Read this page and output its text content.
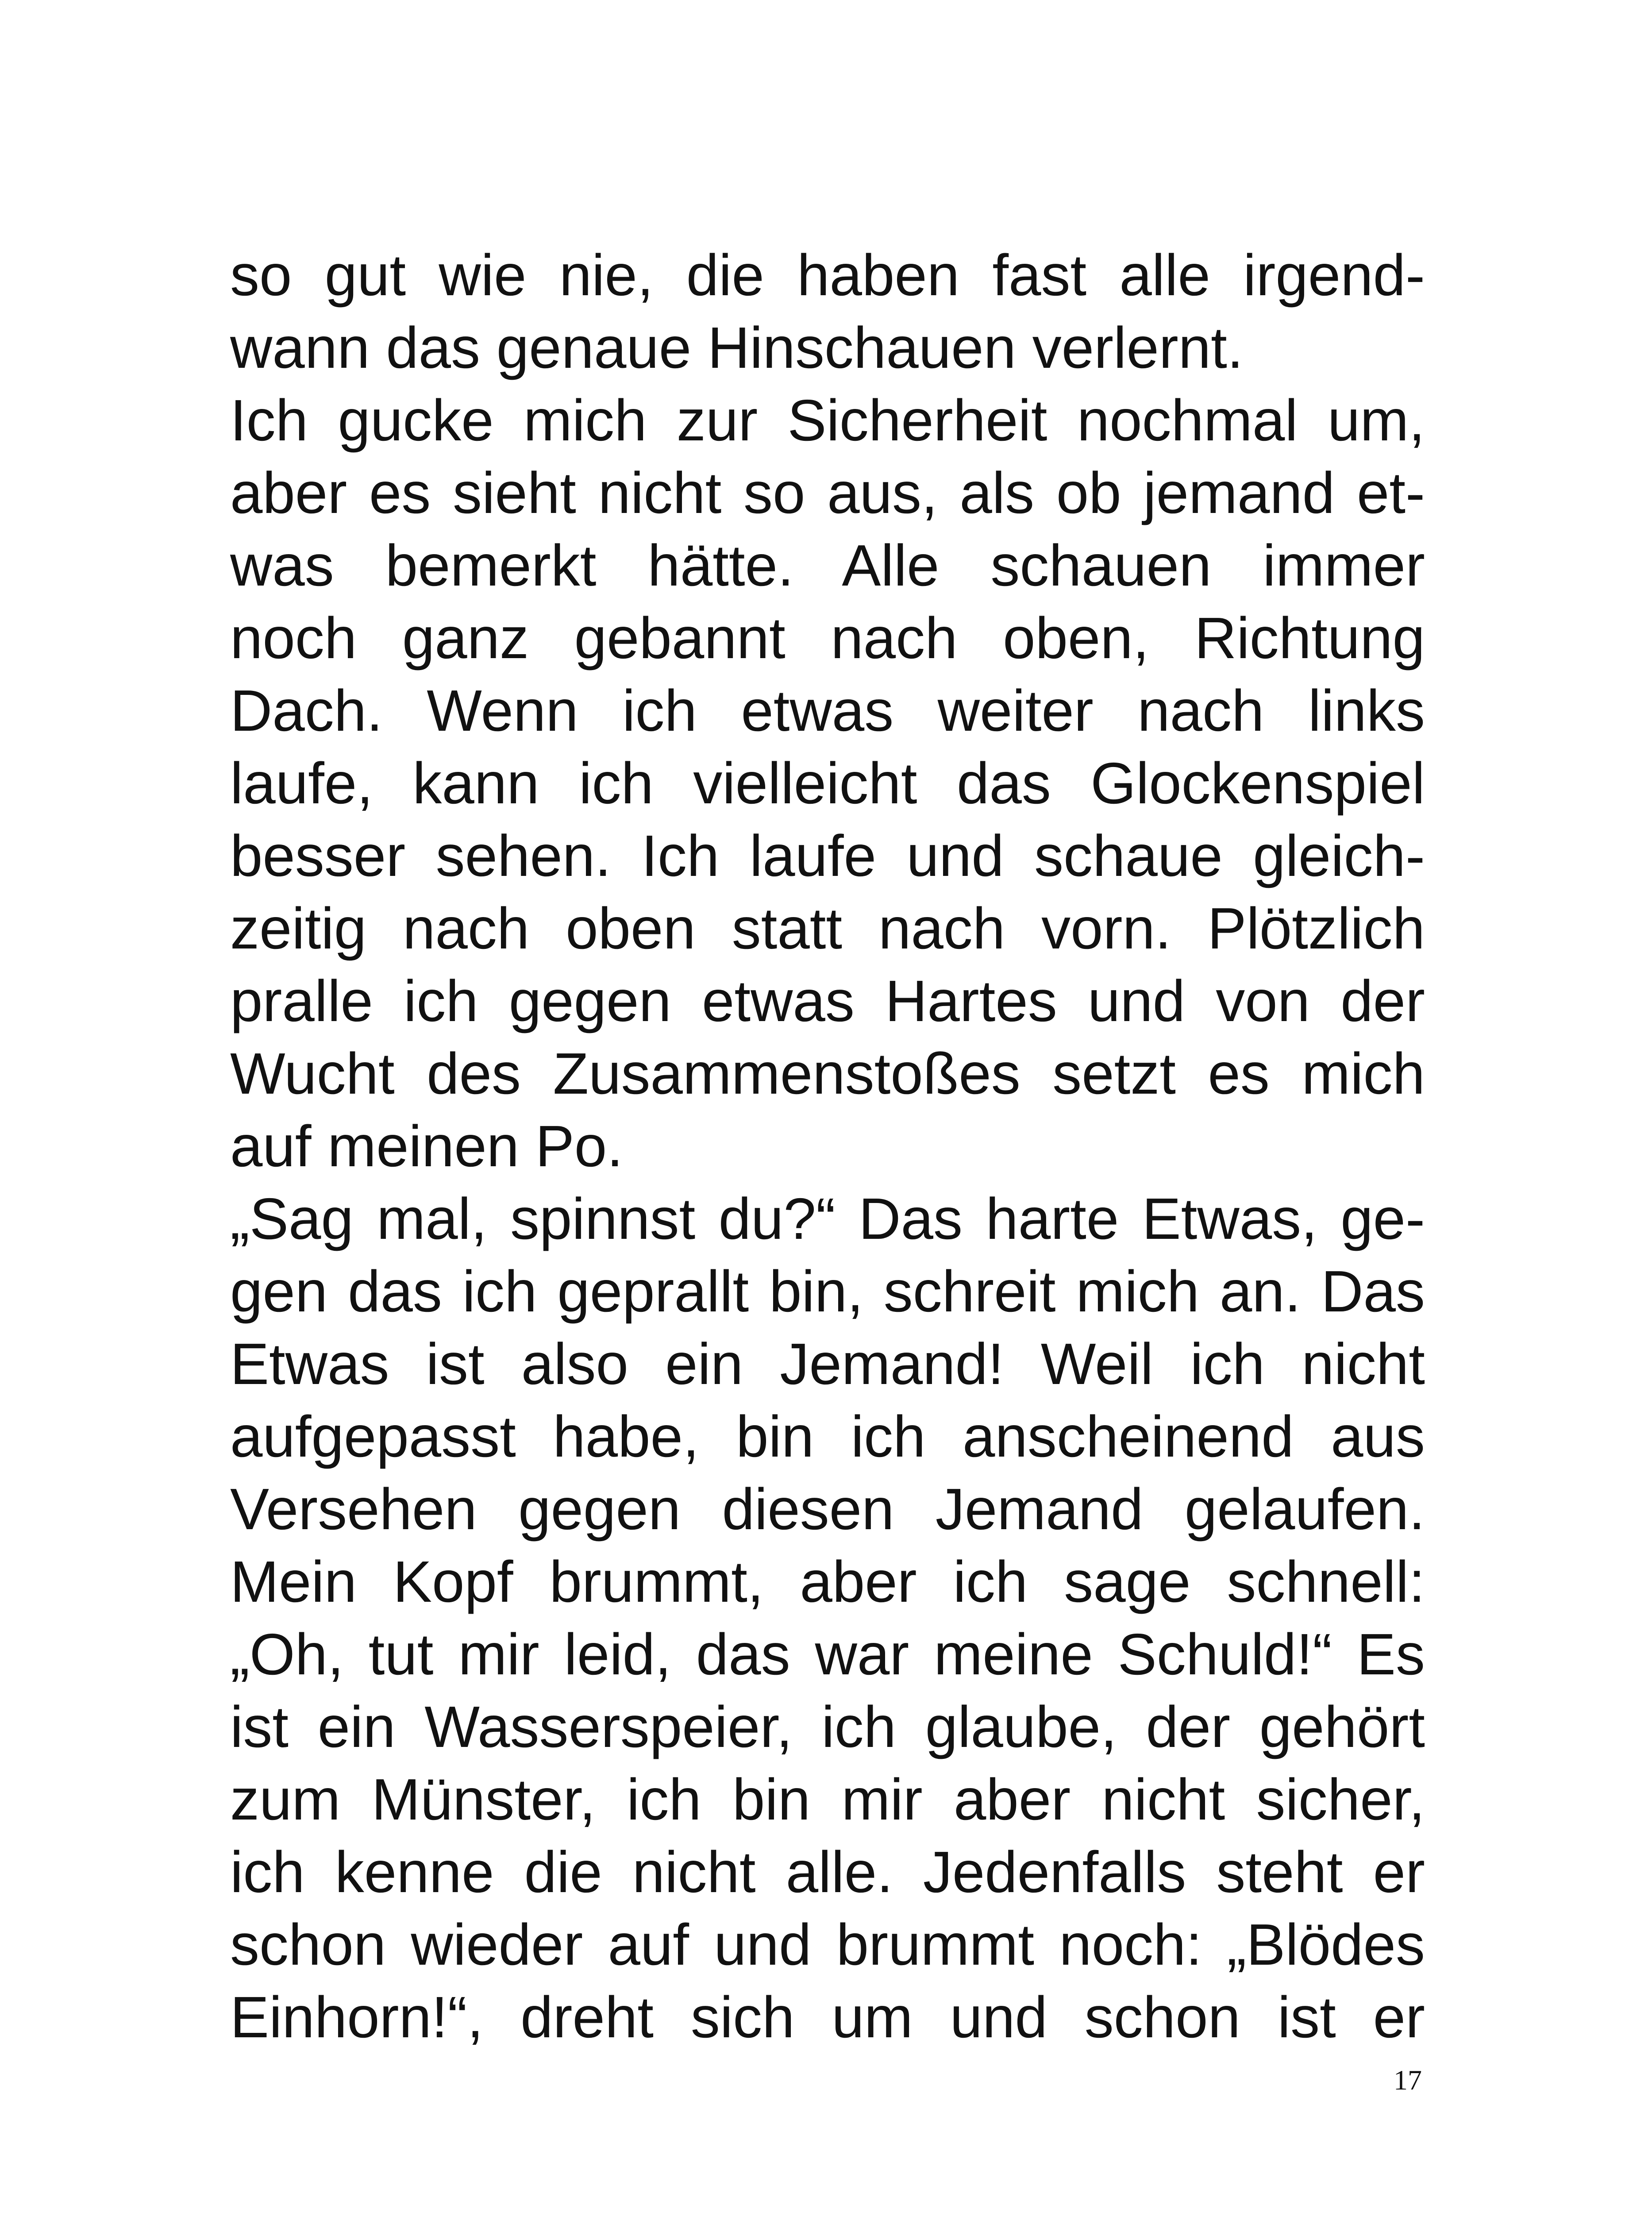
so gut wie nie, die haben fast alle irgend-
wann das genaue Hinschauen verlernt.
Ich gucke mich zur Sicherheit nochmal um,
aber es sieht nicht so aus, als ob jemand et-
was bemerkt hätte. Alle schauen immer
noch ganz gebannt nach oben, Richtung
Dach. Wenn ich etwas weiter nach links
laufe, kann ich vielleicht das Glockenspiel
besser sehen. Ich laufe und schaue gleich-
zeitig nach oben statt nach vorn. Plötzlich
pralle ich gegen etwas Hartes und von der
Wucht des Zusammenstoßes setzt es mich
auf meinen Po.
„Sag mal, spinnst du?“ Das harte Etwas, ge-
gen das ich geprallt bin, schreit mich an. Das
Etwas ist also ein Jemand! Weil ich nicht
aufgepasst habe, bin ich anscheinend aus
Versehen gegen diesen Jemand gelaufen.
Mein Kopf brummt, aber ich sage schnell:
„Oh, tut mir leid, das war meine Schuld!“ Es
ist ein Wasserspeier, ich glaube, der gehört
zum Münster, ich bin mir aber nicht sicher,
ich kenne die nicht alle. Jedenfalls steht er
schon wieder auf und brummt noch: „Blödes
Einhorn!“, dreht sich um und schon ist er
17
